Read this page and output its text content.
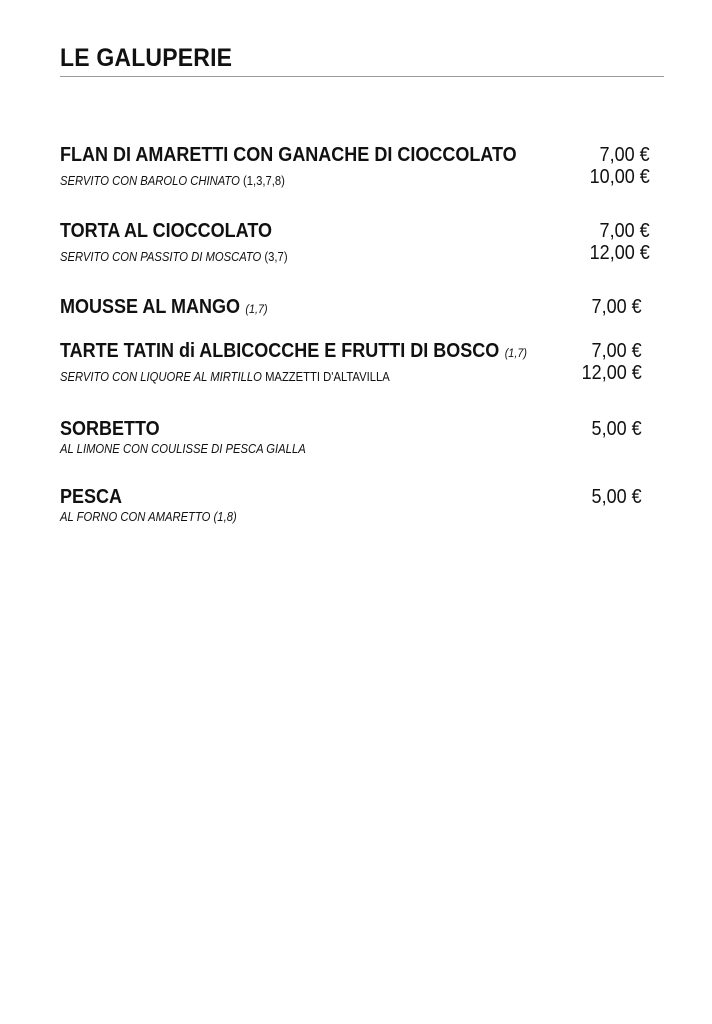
LE GALUPERIE
FLAN DI AMARETTI CON GANACHE DI CIOCCOLATO	7,00 €
SERVITO CON BAROLO CHINATO (1,3,7,8)	10,00 €
TORTA AL CIOCCOLATO	7,00 €
SERVITO CON PASSITO DI MOSCATO (3,7)	12,00 €
MOUSSE AL MANGO (1,7)	7,00 €
TARTE TATIN di ALBICOCCHE E FRUTTI DI BOSCO (1,7)	7,00 €
SERVITO CON LIQUORE AL MIRTILLO MAZZETTI D'ALTAVILLA	12,00 €
SORBETTO	5,00 €
AL LIMONE CON COULISSE DI PESCA GIALLA
PESCA	5,00 €
AL FORNO CON AMARETTO (1,8)
